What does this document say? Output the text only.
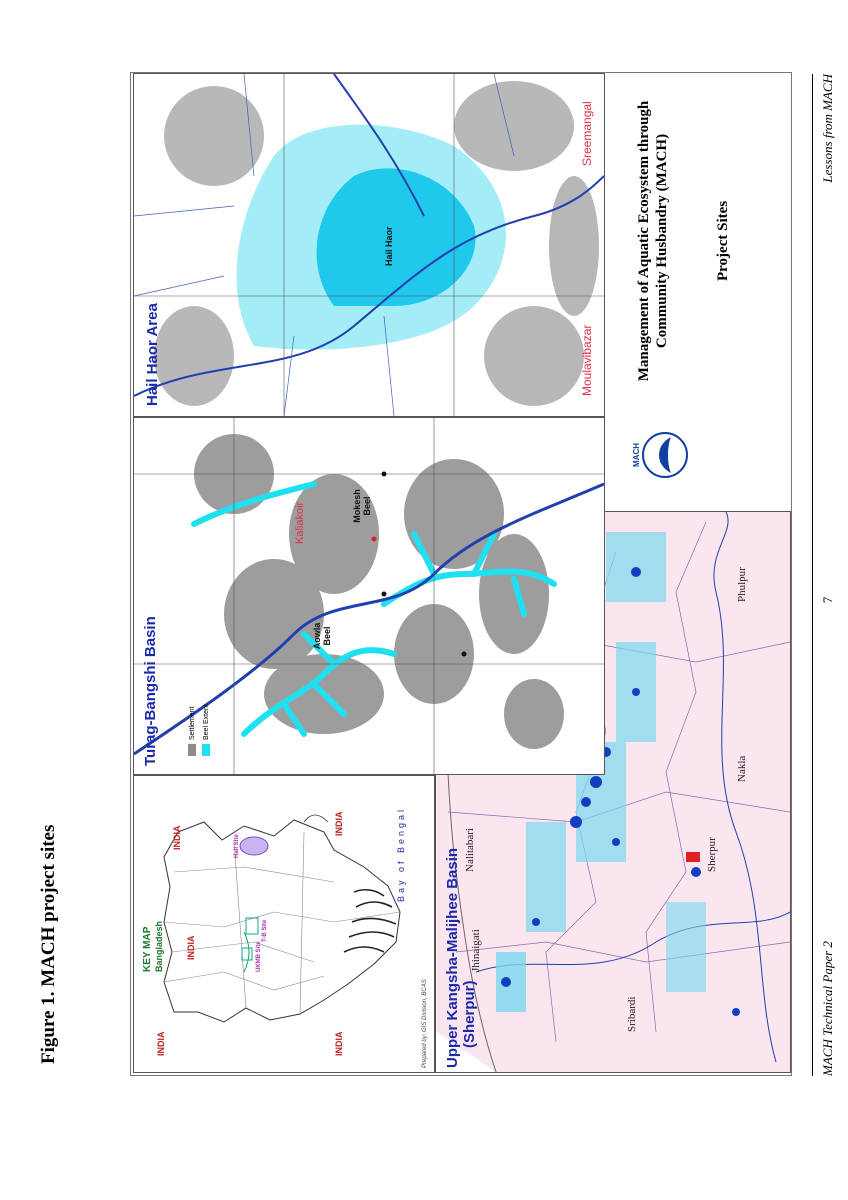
Figure 1. MACH project sites	KEY MAP Bangladesh
INDIA
INDIA
INDIA
INDIA
INDIA	Bay of Bengal
UKMB Site
T-B Site
Hail Site
Prepared by: GIS Division, BCAS Upper Kangsha-Malijhee Basin (Sherpur)
Jhinaigati
Nalitabari
Sribardi
Sherpur
Phulpur
Nakla
Turag-Bangshi Basin	Settlement Beel Extent
Aowla Beel
Mokesh Beel
Kaliakoir
MACH
Management of Aquatic Ecosystem through Community Husbandry (MACH)	Project Sites
Hail Haor Area
Hail Haor
Moulavibazar
Sreemangal
MACH Technical Paper 2
7
Lessons from MACH
